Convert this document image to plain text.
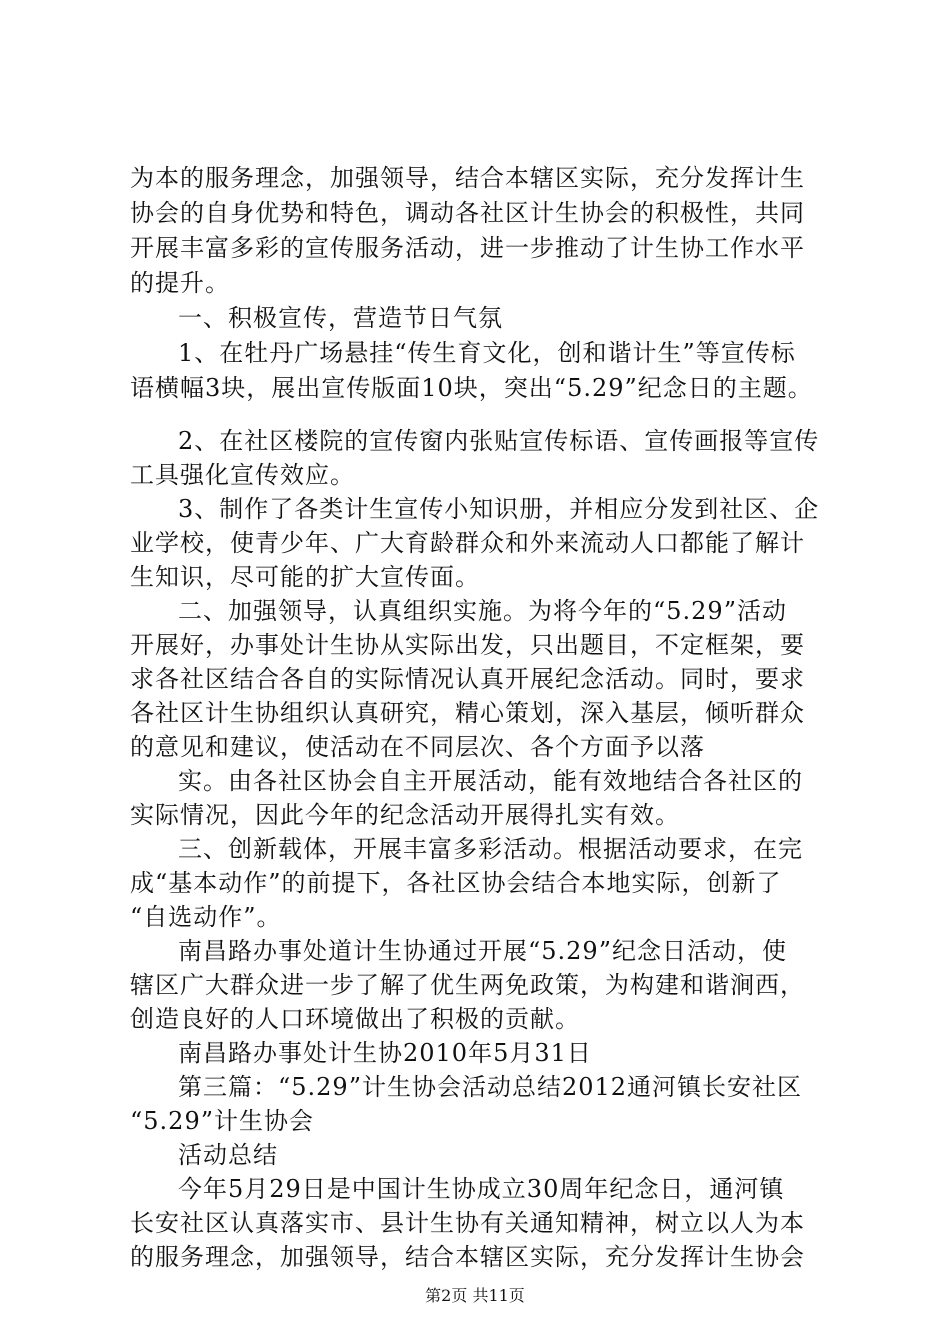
为本的服务理念，加强领导，结合本辖区实际，充分发挥计生
协会的自身优势和特色，调动各社区计生协会的积极性，共同
开展丰富多彩的宣传服务活动，进一步推动了计生协工作水平
的提升。
一、积极宣传，营造节日气氛
1、在牡丹广场悬挂“传生育文化，创和谐计生”等宣传标
语横幅3块，展出宣传版面10块，突出“5.29”纪念日的主题。
2、在社区楼院的宣传窗内张贴宣传标语、宣传画报等宣传
工具强化宣传效应。
3、制作了各类计生宣传小知识册，并相应分发到社区、企
业学校，使青少年、广大育龄群众和外来流动人口都能了解计
生知识，尽可能的扩大宣传面。
二、加强领导，认真组织实施。为将今年的“5.29”活动
开展好，办事处计生协从实际出发，只出题目，不定框架，要
求各社区结合各自的实际情况认真开展纪念活动。同时，要求
各社区计生协组织认真研究，精心策划，深入基层，倾听群众
的意见和建议，使活动在不同层次、各个方面予以落
实。由各社区协会自主开展活动，能有效地结合各社区的
实际情况，因此今年的纪念活动开展得扎实有效。
三、创新载体，开展丰富多彩活动。根据活动要求，在完
成“基本动作”的前提下，各社区协会结合本地实际，创新了
“自选动作”。
南昌路办事处道计生协通过开展“5.29”纪念日活动，使
辖区广大群众进一步了解了优生两免政策，为构建和谐涧西，
创造良好的人口环境做出了积极的贡献。
南昌路办事处计生协2010年5月31日
第三篇：“5.29”计生协会活动总结2012通河镇长安社区
“5.29”计生协会
活动总结
今年5月29日是中国计生协成立30周年纪念日，通河镇
长安社区认真落实市、县计生协有关通知精神，树立以人为本
的服务理念，加强领导，结合本辖区实际，充分发挥计生协会
第2页 共11页
